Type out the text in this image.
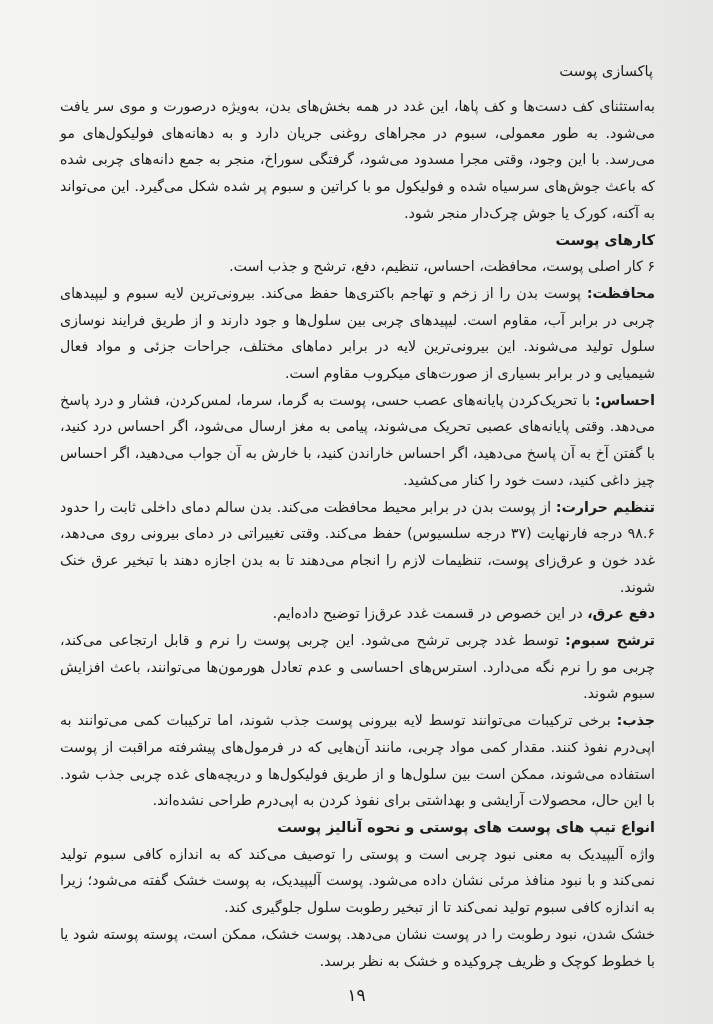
پاکسازی پوست

به‌استثنای کف دست‌ها و کف پاها، این غدد در همه بخش‌های بدن، به‌ویژه درصورت و موی سر یافت می‌شود. به طور معمولی، سبوم در مجراهای روغنی جریان دارد و به دهانه‌های فولیکول‌های مو می‌رسد. با این وجود، وقتی مجرا مسدود می‌شود، گرفتگی سوراخ، منجر به جمع دانه‌های چربی شده که باعث جوش‌های سرسیاه شده و فولیکول مو با کراتین و سبوم پر شده شکل می‌گیرد. این می‌تواند به آکنه، کورک یا جوش چرک‌دار منجر شود.

کارهای پوست

۶ کار اصلی پوست، محافظت، احساس، تنظیم، دفع، ترشح و جذب است.

محافظت: پوست بدن را از زخم و تهاجم باکتری‌ها حفظ می‌کند. بیرونی‌ترین لایه سبوم و لیپیدهای چربی در برابر آب، مقاوم است. لیپیدهای چربی بین سلول‌ها و جود دارند و از طریق فرایند نوسازی سلول تولید می‌شوند. این بیرونی‌ترین لایه در برابر دماهای مختلف، جراحات جزئی و مواد فعال شیمیایی و در برابر بسیاری از صورت‌های میکروب مقاوم است.

احساس: با تحریک‌کردن پایانه‌های عصب حسی، پوست به گرما، سرما، لمس‌کردن، فشار و درد پاسخ می‌دهد. وقتی پایانه‌های عصبی تحریک می‌شوند، پیامی به مغز ارسال می‌شود، اگر احساس درد کنید، با گفتن آخ به آن پاسخ می‌دهید، اگر احساس خاراندن کنید، با خارش به آن جواب می‌دهید، اگر احساس چیز داغی کنید، دست خود را کنار می‌کشید.

تنظیم حرارت: از پوست بدن در برابر محیط محافظت می‌کند. بدن سالم دمای داخلی ثابت را حدود ۹۸.۶ درجه فارنهایت (۳۷ درجه سلسیوس) حفظ می‌کند. وقتی تغییراتی در دمای بیرونی روی می‌دهد، غدد خون و عرق‌زای پوست، تنظیمات لازم را انجام می‌دهند تا به بدن اجازه دهند با تبخیر عرق خنک شوند.

دفع عرق، در این خصوص در قسمت غدد عرق‌زا توضیح داده‌ایم.

ترشح سبوم: توسط غدد چربی ترشح می‌شود. این چربی پوست را نرم و قابل ارتجاعی می‌کند، چربی مو را نرم نگه می‌دارد. استرس‌های احساسی و عدم تعادل هورمون‌ها می‌توانند، باعث افزایش سبوم شوند.

جذب: برخی ترکیبات می‌توانند توسط لایه بیرونی پوست جذب شوند، اما ترکیبات کمی می‌توانند به اپی‌درم نفوذ کنند. مقدار کمی مواد چربی، مانند آن‌هایی که در فرمول‌های پیشرفته مراقبت از پوست استفاده می‌شوند، ممکن است بین سلول‌ها و از طریق فولیکول‌ها و دریچه‌های غده چربی جذب شود. با این حال، محصولات آرایشی و بهداشتی برای نفوذ کردن به اپی‌درم طراحی نشده‌اند.

انواع تیپ های پوست های پوستی و نحوه آنالیز پوست

واژه آلیپیدیک به معنی نبود چربی است و پوستی را توصیف می‌کند که به اندازه کافی سبوم تولید نمی‌کند و با نبود منافذ مرئی نشان داده می‌شود. پوست آلیپیدیک، به پوست خشک گفته می‌شود؛ زیرا به اندازه کافی سبوم تولید نمی‌کند تا از تبخیر رطوبت سلول جلوگیری کند.

خشک شدن، نبود رطوبت را در پوست نشان می‌دهد. پوست خشک، ممکن است، پوسته پوسته شود یا با خطوط کوچک و ظریف چروکیده و خشک به نظر برسد.

۱۹
